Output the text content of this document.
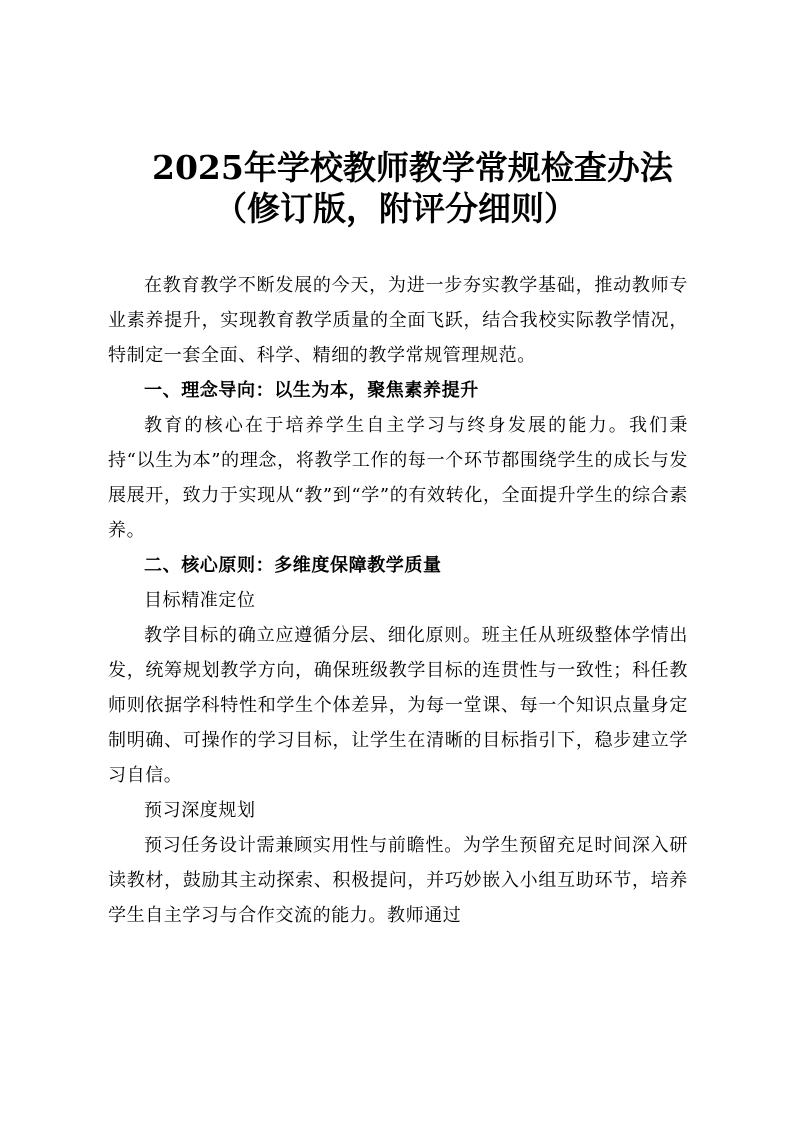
2025年学校教师教学常规检查办法
（修订版，附评分细则）

在教育教学不断发展的今天，为进一步夯实教学基础，推动教师专业素养提升，实现教育教学质量的全面飞跃，结合我校实际教学情况，特制定一套全面、科学、精细的教学常规管理规范。

一、理念导向：以生为本，聚焦素养提升

教育的核心在于培养学生自主学习与终身发展的能力。我们秉持“以生为本”的理念，将教学工作的每一个环节都围绕学生的成长与发展展开，致力于实现从“教”到“学”的有效转化，全面提升学生的综合素养。

二、核心原则：多维度保障教学质量

目标精准定位

教学目标的确立应遵循分层、细化原则。班主任从班级整体学情出发，统筹规划教学方向，确保班级教学目标的连贯性与一致性；科任教师则依据学科特性和学生个体差异，为每一堂课、每一个知识点量身定制明确、可操作的学习目标，让学生在清晰的目标指引下，稳步建立学习自信。

预习深度规划

预习任务设计需兼顾实用性与前瞻性。为学生预留充足时间深入研读教材，鼓励其主动探索、积极提问，并巧妙嵌入小组互助环节，培养学生自主学习与合作交流的能力。教师通过
